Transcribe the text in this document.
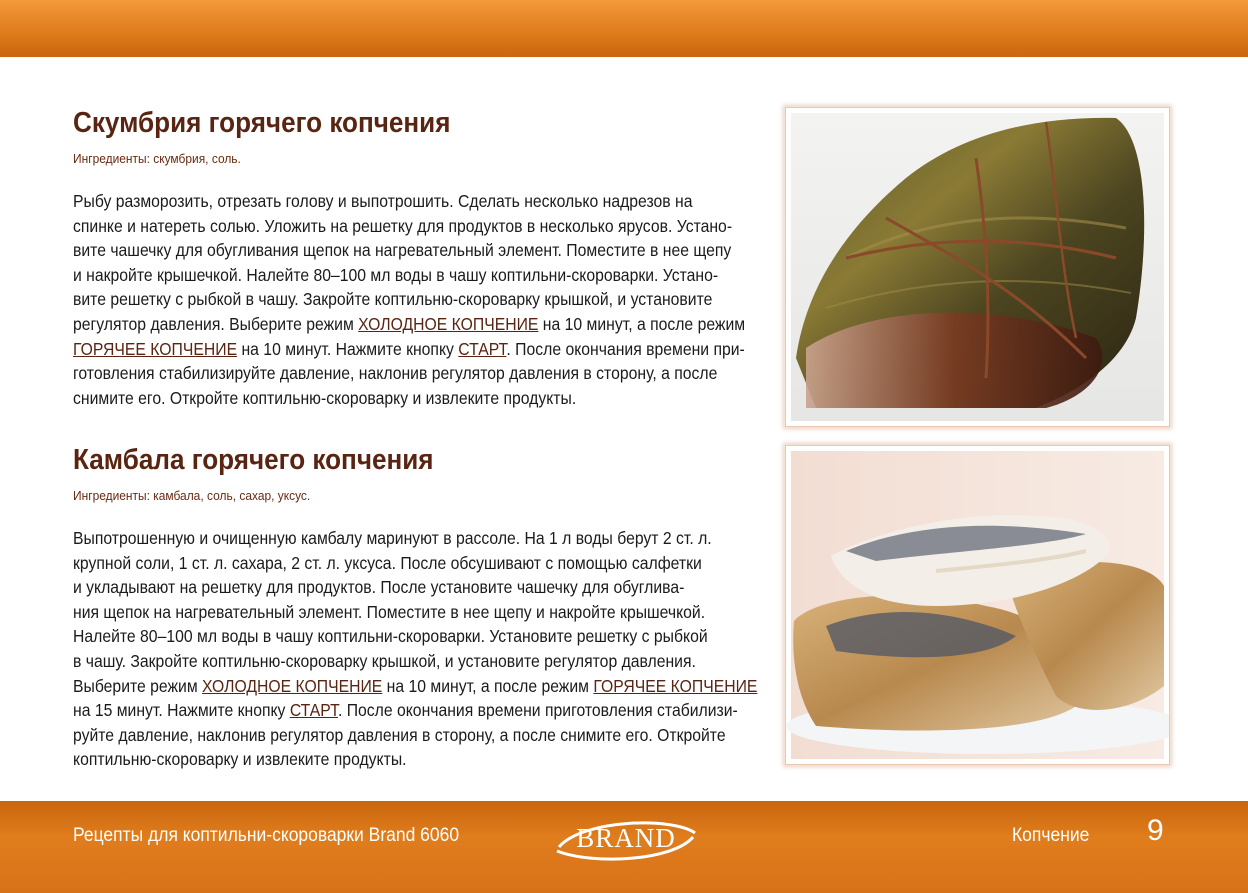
Скумбрия горячего копчения

Ингредиенты: скумбрия, соль.

Рыбу разморозить, отрезать голову и выпотрошить. Сделать несколько надрезов на
спинке и натереть солью. Уложить на решетку для продуктов в несколько ярусов. Устано-
вите чашечку для обугливания щепок на нагревательный элемент. Поместите в нее щепу
и накройте крышечкой. Налейте 80–100 мл воды в чашу коптильни-скороварки. Устано-
вите решетку с рыбкой в чашу. Закройте коптильню-скороварку крышкой, и установите
регулятор давления. Выберите режим ХОЛОДНОЕ КОПЧЕНИЕ на 10 минут, а после режим
ГОРЯЧЕЕ КОПЧЕНИЕ на 10 минут. Нажмите кнопку СТАРТ. После окончания времени при-
готовления стабилизируйте давление, наклонив регулятор давления в сторону, а после
снимите его. Откройте коптильню-скороварку и извлеките продукты.
Камбала горячего копчения

Ингредиенты: камбала, соль, сахар, уксус.

Выпотрошенную и очищенную камбалу маринуют в рассоле. На 1 л воды берут 2 ст. л.
крупной соли, 1 ст. л. сахара, 2 ст. л. уксуса. После обсушивают с помощью салфетки
и укладывают на решетку для продуктов. После установите чашечку для обуглива-
ния щепок на нагревательный элемент. Поместите в нее щепу и накройте крышечкой.
Налейте 80–100 мл воды в чашу коптильни-скороварки. Установите решетку с рыбкой
в чашу. Закройте коптильню-скороварку крышкой, и установите регулятор давления.
Выберите режим ХОЛОДНОЕ КОПЧЕНИЕ на 10 минут, а после режим ГОРЯЧЕЕ КОПЧЕНИЕ
на 15 минут. Нажмите кнопку СТАРТ. После окончания времени приготовления стабилизи-
руйте давление, наклонив регулятор давления в сторону, а после снимите его. Откройте
коптильню-скороварку и извлеките продукты.
Рецепты для коптильни-скороварки Brand 6060	BRAND	Копчение 9
